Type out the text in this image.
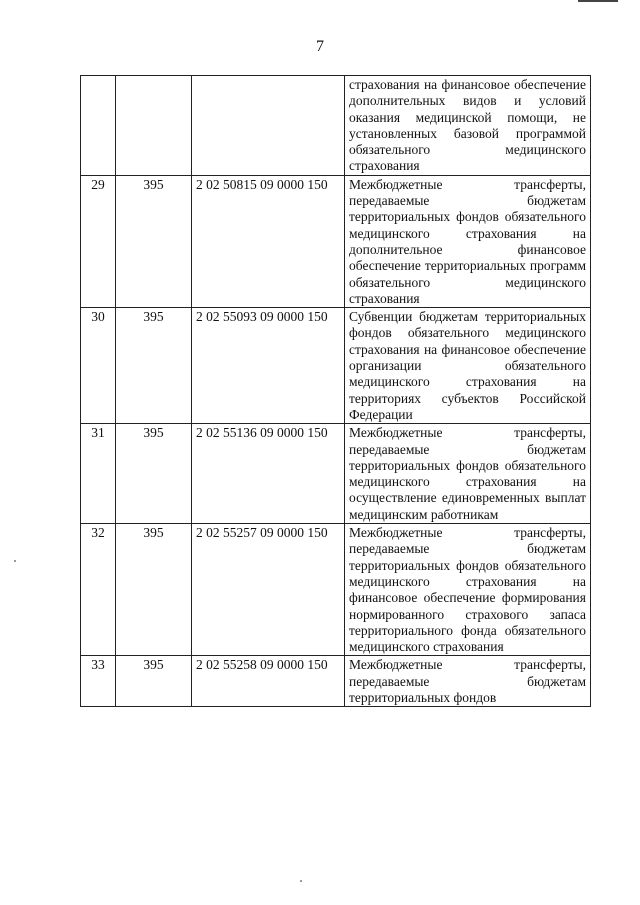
7
			страхования на финансовое обеспечение дополнительных видов и условий оказания медицинской помощи, не установленных базовой программой обязательного медицинского страхования
29	395	2 02 50815 09 0000 150	Межбюджетные трансферты, передаваемые бюджетам территориальных фондов обязательного медицинского страхования на дополнительное финансовое обеспечение территориальных программ обязательного медицинского страхования
30	395	2 02 55093 09 0000 150	Субвенции бюджетам территориальных фондов обязательного медицинского страхования на финансовое обеспечение организации обязательного медицинского страхования на территориях субъектов Российской Федерации
31	395	2 02 55136 09 0000 150	Межбюджетные трансферты, передаваемые бюджетам территориальных фондов обязательного медицинского страхования на осуществление единовременных выплат медицинским работникам
32	395	2 02 55257 09 0000 150	Межбюджетные трансферты, передаваемые бюджетам территориальных фондов обязательного медицинского страхования на финансовое обеспечение формирования нормированного страхового запаса территориального фонда обязательного медицинского страхования
33	395	2 02 55258 09 0000 150	Межбюджетные трансферты, передаваемые бюджетам территориальных фондов
